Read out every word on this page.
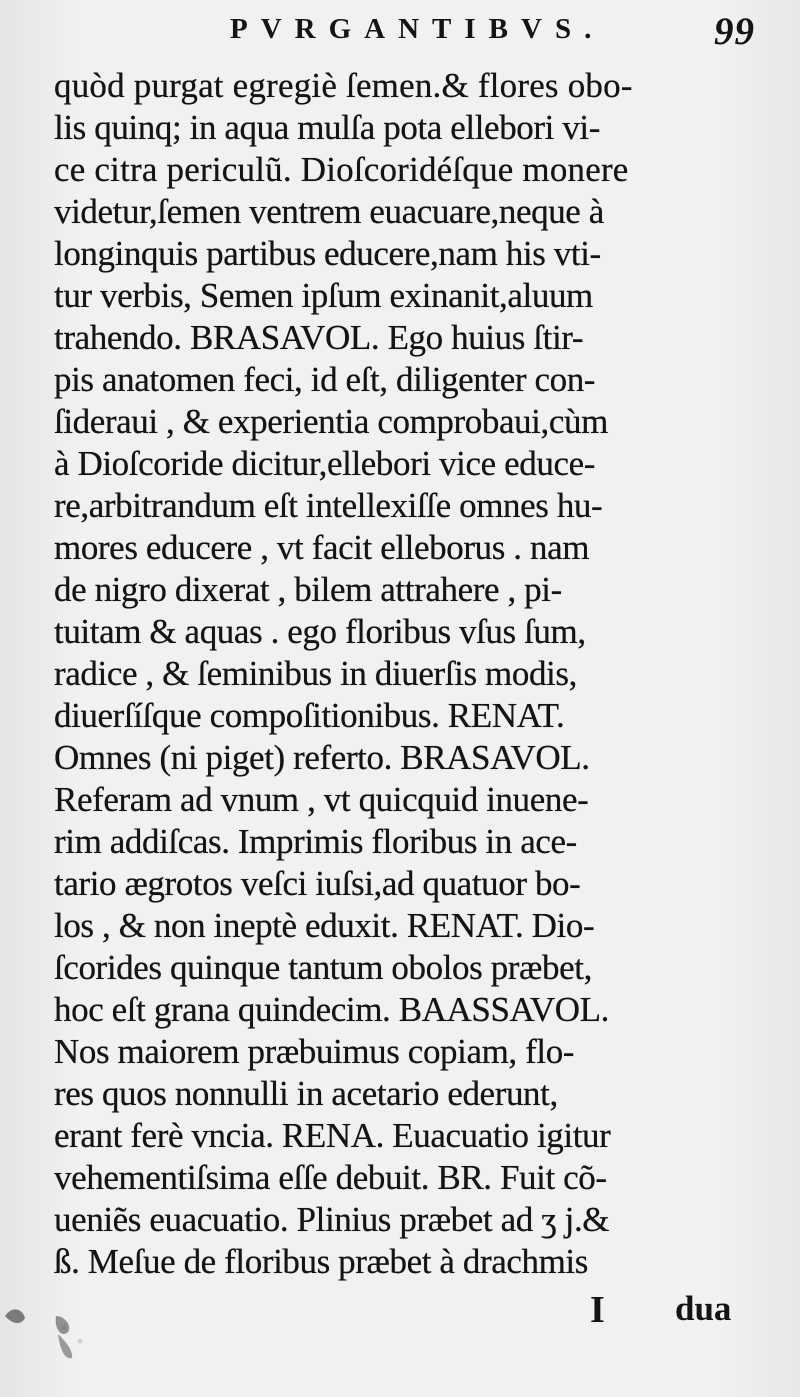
PVRGANTIBVS.	99
quòd purgat egregiè ſemen.& flores obo-
lis quinq; in aqua mulſa pota ellebori vi-
ce citra periculũ. Dioſcoridéſque monere
videtur,ſemen ventrem euacuare,neque à
longinquis partibus educere,nam his vti-
tur verbis, Semen ipſum exinanit,aluum
trahendo. BRASAVOL. Ego huius ſtir-
pis anatomen feci, id eſt, diligenter con-
ſideraui , & experientia comprobaui,cùm
à Dioſcoride dicitur,ellebori vice educe-
re,arbitrandum eſt intellexiſſe omnes hu-
mores educere , vt facit elleborus . nam
de nigro dixerat , bilem attrahere , pi-
tuitam & aquas . ego floribus vſus ſum,
radice , & ſeminibus in diuerſis modis,
diuerſíſque compoſitionibus. RENAT.
Omnes (ni piget) referto. BRASAVOL.
Referam ad vnum , vt quicquid inuene-
rim addiſcas. Imprimis floribus in ace-
tario ægrotos veſci iuſsi,ad quatuor bo-
los , & non ineptè eduxit. RENAT. Dio-
ſcorides quinque tantum obolos præbet,
hoc eſt grana quindecim. BAASSAVOL.
Nos maiorem præbuimus copiam, flo-
res quos nonnulli in acetario ederunt,
erant ferè vncia. RENA. Euacuatio igitur
vehementiſsima eſſe debuit. BR. Fuit cõ-
ueniẽs euacuatio. Plinius præbet ad ʒ j.&
ß. Meſue de floribus præbet à drachmis
I dua
